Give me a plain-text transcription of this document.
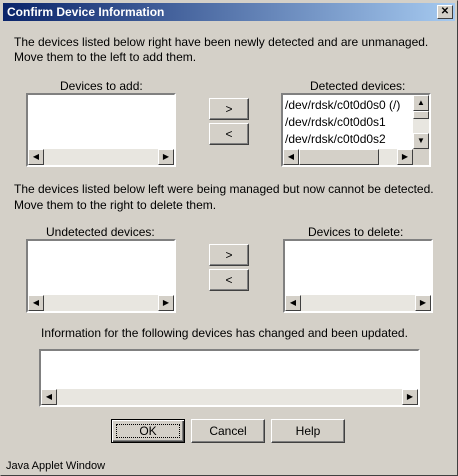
Confirm Device Information	✕
The devices listed below right have been newly detected and are unmanaged.
Move them to the left to add them.
Devices to add:	Detected devices:
◀	▶
>
<
/dev/rdsk/c0t0d0s0 (/)
/dev/rdsk/c0t0d0s1
/dev/rdsk/c0t0d0s2
▲
▼
◀	▶
The devices listed below left were being managed but now cannot be detected.
Move them to the right to delete them.
Undetected devices:	Devices to delete:
◀	▶
>
<
◀	▶
Information for the following devices has changed and been updated.
◀	▶
OK	Cancel	Help
Java Applet Window
